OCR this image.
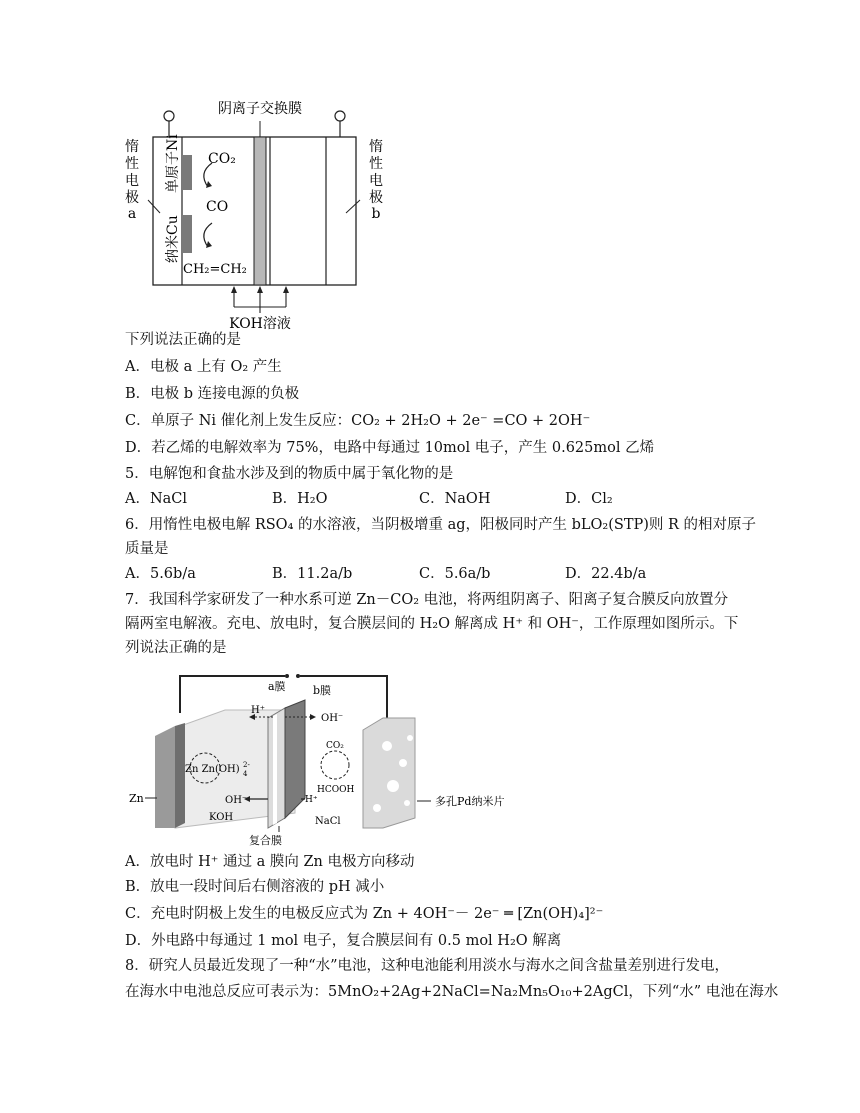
阴离子交换膜
惰
性
电
极
a
惰
性
电
极
b
单原子Ni
纳米Cu
CO₂
CO
CH₂=CH₂
KOH溶液
下列说法正确的是
A．电极 a 上有 O₂ 产生
B．电极 b 连接电源的负极
C．单原子 Ni 催化剂上发生反应：CO₂ + 2H₂O + 2e⁻ =CO + 2OH⁻
D．若乙烯的电解效率为 75%，电路中每通过 10mol 电子，产生 0.625mol 乙烯
5．电解饱和食盐水涉及到的物质中属于氧化物的是
A．NaCl	B．H₂O	C．NaOH	D．Cl₂
6．用惰性电极电解 RSO₄ 的水溶液，当阴极增重 ag，阳极同时产生 bLO₂(STP)则 R 的相对原子
质量是
A．5.6b/a	B．11.2a/b	C．5.6a/b	D．22.4b/a
7．我国科学家研发了一种水系可逆 Zn－CO₂ 电池，将两组阴离子、阳离子复合膜反向放置分
隔两室电解液。充电、放电时，复合膜层间的 H₂O 解离成 H⁺ 和 OH⁻，工作原理如图所示。下
列说法正确的是
a膜 b膜
H⁺
OH⁻
Zn
Zn Zn(OH) 2-
4
OH⁻
KOH
H⁺
NaCl
CO₂
HCOOH
复合膜
多孔Pd纳米片
A．放电时 H⁺ 通过 a 膜向 Zn 电极方向移动
B．放电一段时间后右侧溶液的 pH 减小
C．充电时阴极上发生的电极反应式为 Zn + 4OH⁻－ 2e⁻ ═ [Zn(OH)₄]²⁻
D．外电路中每通过 1 mol 电子，复合膜层间有 0.5 mol H₂O 解离
8．研究人员最近发现了一种“水”电池，这种电池能利用淡水与海水之间含盐量差别进行发电，
在海水中电池总反应可表示为：5MnO₂+2Ag+2NaCl=Na₂Mn₅O₁₀+2AgCl，下列“水” 电池在海水
